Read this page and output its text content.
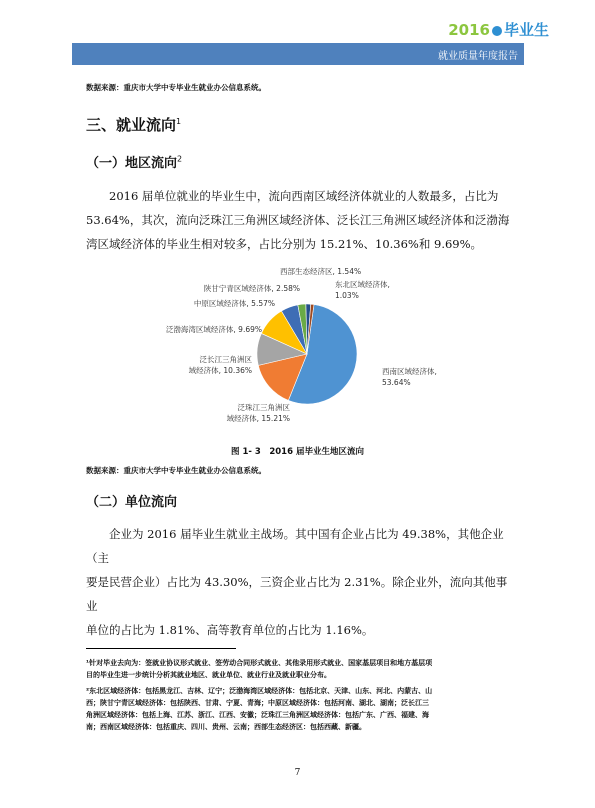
2016 毕业生
就业质量年度报告
数据来源：重庆市大学中专毕业生就业办公信息系统。
三、就业流向$^1$
（一）地区流向$^2$
2016 届单位就业的毕业生中，流向西南区域经济体就业的人数最多，占比为
53.64%，其次，流向泛珠江三角洲区域经济体、泛长江三角洲区域经济体和泛渤海
湾区域经济体的毕业生相对较多，占比分别为 15.21%、10.36%和 9.69%。
西南区域经济体, 53.64%
泛珠江三角洲区域经济体, 15.21%
泛长江三角洲区域经济体, 10.36%
泛渤海湾区域经济体, 9.69%
中原区域经济体, 5.57%
陕甘宁青区域经济体, 2.58%
西部生态经济区, 1.54%
东北区域经济体, 1.03%
图 1- 3　2016 届毕业生地区流向
数据来源：重庆市大学中专毕业生就业办公信息系统。
（二）单位流向
企业为 2016 届毕业生就业主战场。其中国有企业占比为 49.38%，其他企业（主
要是民营企业）占比为 43.30%，三资企业占比为 2.31%。除企业外，流向其他事业
单位的占比为 1.81%、高等教育单位的占比为 1.16%。
¹针对毕业去向为：签就业协议形式就业、签劳动合同形式就业、其他录用形式就业、国家基层项目和地方基层项
目的毕业生进一步统计分析其就业地区、就业单位、就业行业及就业职业分布。
²东北区域经济体：包括黑龙江、吉林、辽宁；泛渤海湾区域经济体：包括北京、天津、山东、河北、内蒙古、山
西；陕甘宁青区域经济体：包括陕西、甘肃、宁夏、青海；中原区域经济体：包括河南、湖北、湖南；泛长江三
角洲区域经济体：包括上海、江苏、浙江、江西、安徽；泛珠江三角洲区域经济体：包括广东、广西、福建、海
南；西南区域经济体：包括重庆、四川、贵州、云南；西部生态经济区：包括西藏、新疆。
7
